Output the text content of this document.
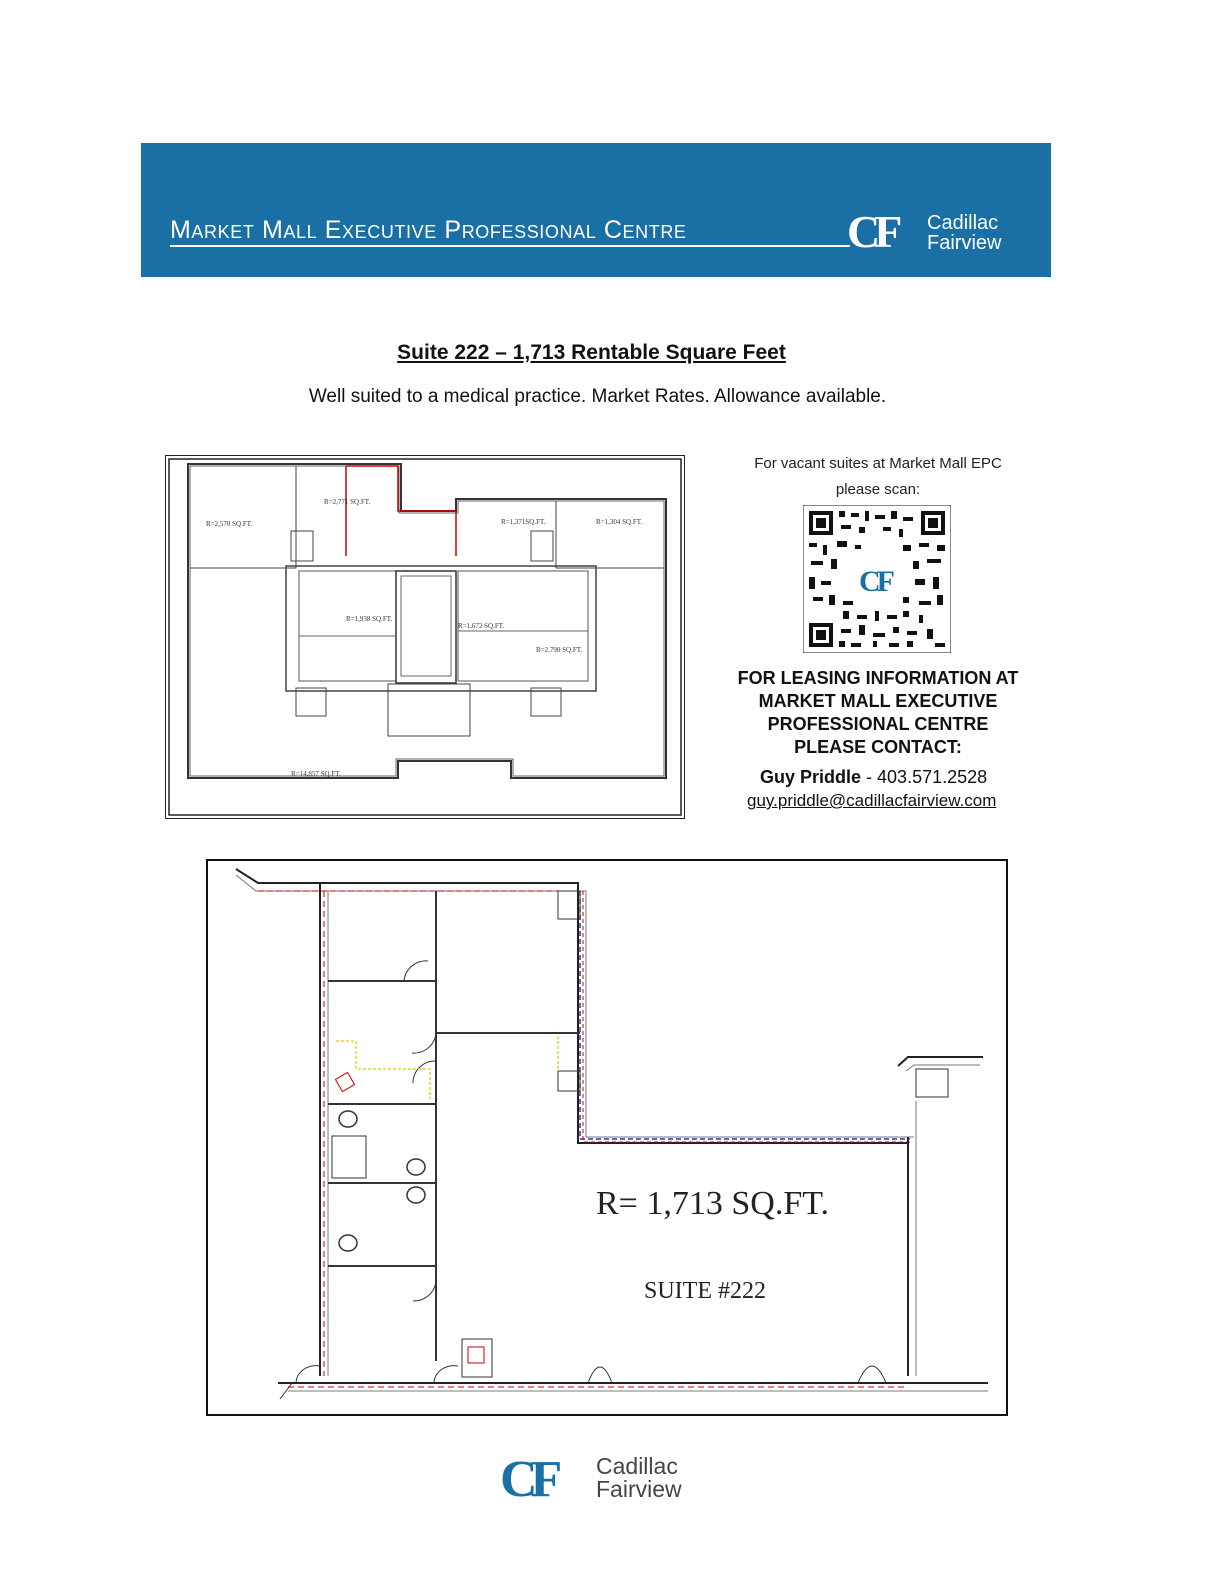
Market Mall Executive Professional Centre	CF Cadillac
Fairview
Suite 222 – 1,713 Rentable Square Feet
Well suited to a medical practice. Market Rates. Allowance available.
R=2,570 SQ.FT.
R=2,771 SQ.FT.
R=1,371SQ.FT.	R=1,304 SQ.FT.
R=1,938 SQ.FT.
R=1,672 SQ.FT.
R=2,790 SQ.FT.
R=14,857 SQ.FT.
For vacant suites at Market Mall EPC
please scan:
CF
FOR LEASING INFORMATION AT
MARKET MALL EXECUTIVE
PROFESSIONAL CENTRE
PLEASE CONTACT:
Guy Priddle - 403.571.2528
guy.priddle@cadillacfairview.com
R= 1,713 SQ.FT.
SUITE #222
CF Cadillac
Fairview
